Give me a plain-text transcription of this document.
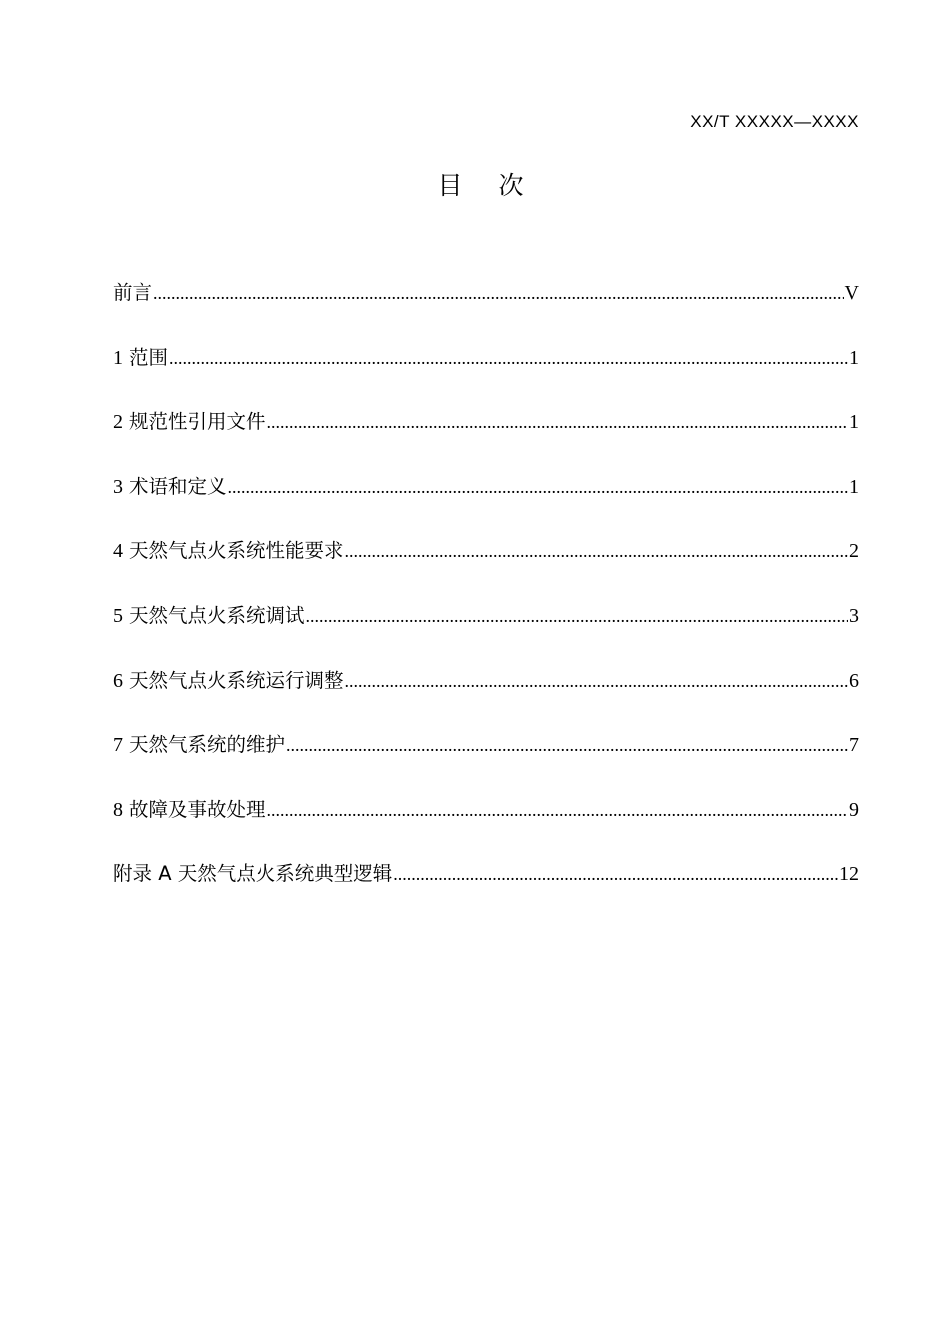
XX/T XXXXX—XXXX
目 次
前言 .....	V
1 范围 .....	1
2 规范性引用文件 .....	1
3 术语和定义 .....	1
4 天然气点火系统性能要求 .....	2
5 天然气点火系统调试 .....	3
6 天然气点火系统运行调整 .....	6
7 天然气系统的维护 .....	7
8 故障及事故处理 .....	9
附录 A 天然气点火系统典型逻辑 .....	12
